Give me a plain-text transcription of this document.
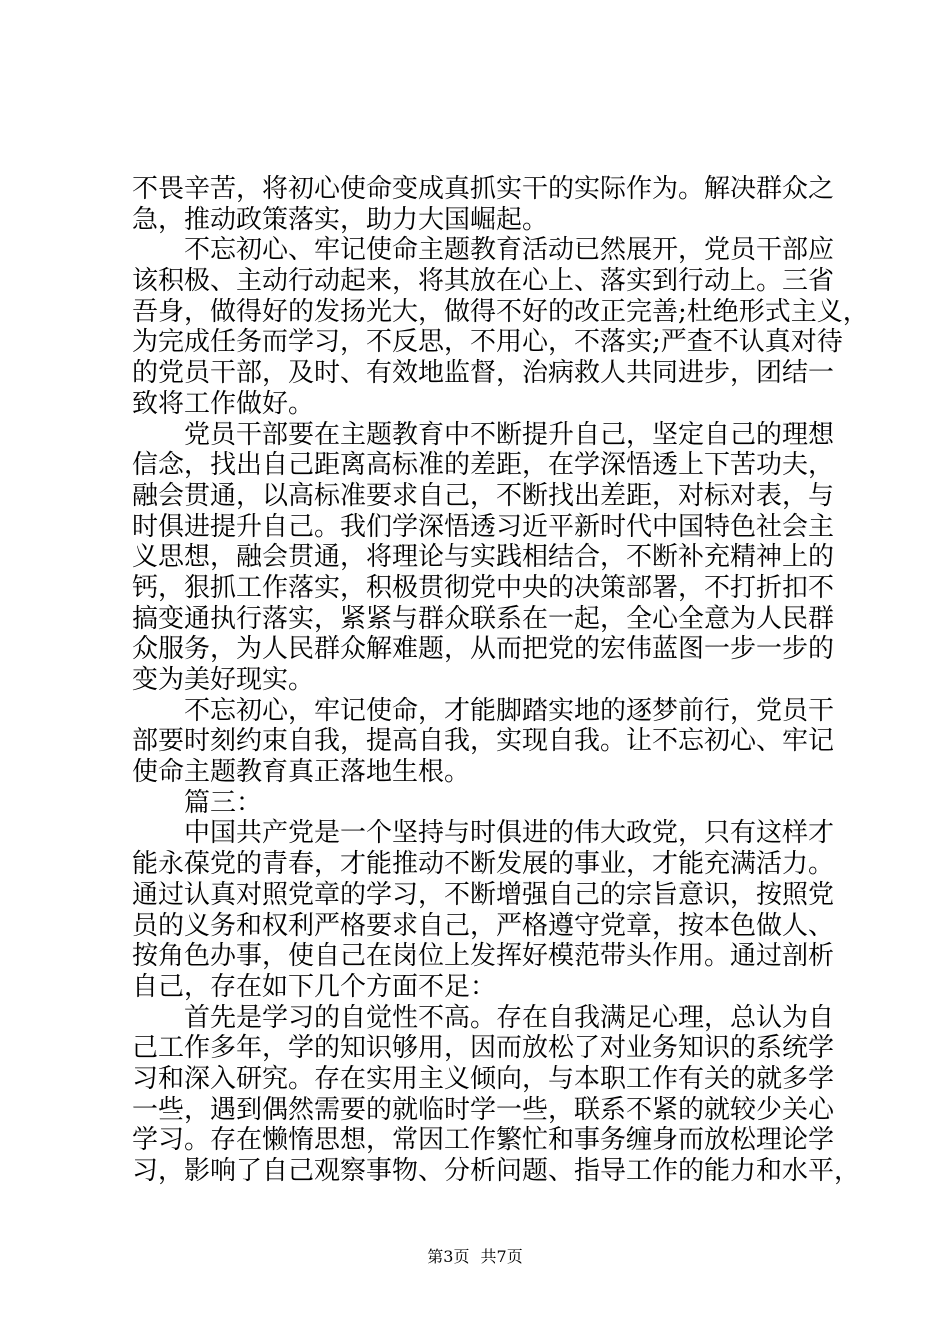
不畏辛苦，将初心使命变成真抓实干的实际作为。解决群众之
急，推动政策落实，助力大国崛起。
不忘初心、牢记使命主题教育活动已然展开，党员干部应
该积极、主动行动起来，将其放在心上、落实到行动上。三省
吾身，做得好的发扬光大，做得不好的改正完善;杜绝形式主义，
为完成任务而学习，不反思，不用心，不落实;严查不认真对待
的党员干部，及时、有效地监督，治病救人共同进步，团结一
致将工作做好。
党员干部要在主题教育中不断提升自己，坚定自己的理想
信念，找出自己距离高标准的差距，在学深悟透上下苦功夫，
融会贯通，以高标准要求自己，不断找出差距，对标对表，与
时俱进提升自己。我们学深悟透习近平新时代中国特色社会主
义思想，融会贯通，将理论与实践相结合，不断补充精神上的
钙，狠抓工作落实，积极贯彻党中央的决策部署，不打折扣不
搞变通执行落实，紧紧与群众联系在一起，全心全意为人民群
众服务，为人民群众解难题，从而把党的宏伟蓝图一步一步的
变为美好现实。
不忘初心，牢记使命，才能脚踏实地的逐梦前行，党员干
部要时刻约束自我，提高自我，实现自我。让不忘初心、牢记
使命主题教育真正落地生根。
篇三：
中国共产党是一个坚持与时俱进的伟大政党，只有这样才
能永葆党的青春，才能推动不断发展的事业，才能充满活力。
通过认真对照党章的学习，不断增强自己的宗旨意识，按照党
员的义务和权利严格要求自己，严格遵守党章，按本色做人、
按角色办事，使自己在岗位上发挥好模范带头作用。通过剖析
自己，存在如下几个方面不足：
首先是学习的自觉性不高。存在自我满足心理，总认为自
己工作多年，学的知识够用，因而放松了对业务知识的系统学
习和深入研究。存在实用主义倾向，与本职工作有关的就多学
一些，遇到偶然需要的就临时学一些，联系不紧的就较少关心
学习。存在懒惰思想，常因工作繁忙和事务缠身而放松理论学
习，影响了自己观察事物、分析问题、指导工作的能力和水平，
第3页 共7页
